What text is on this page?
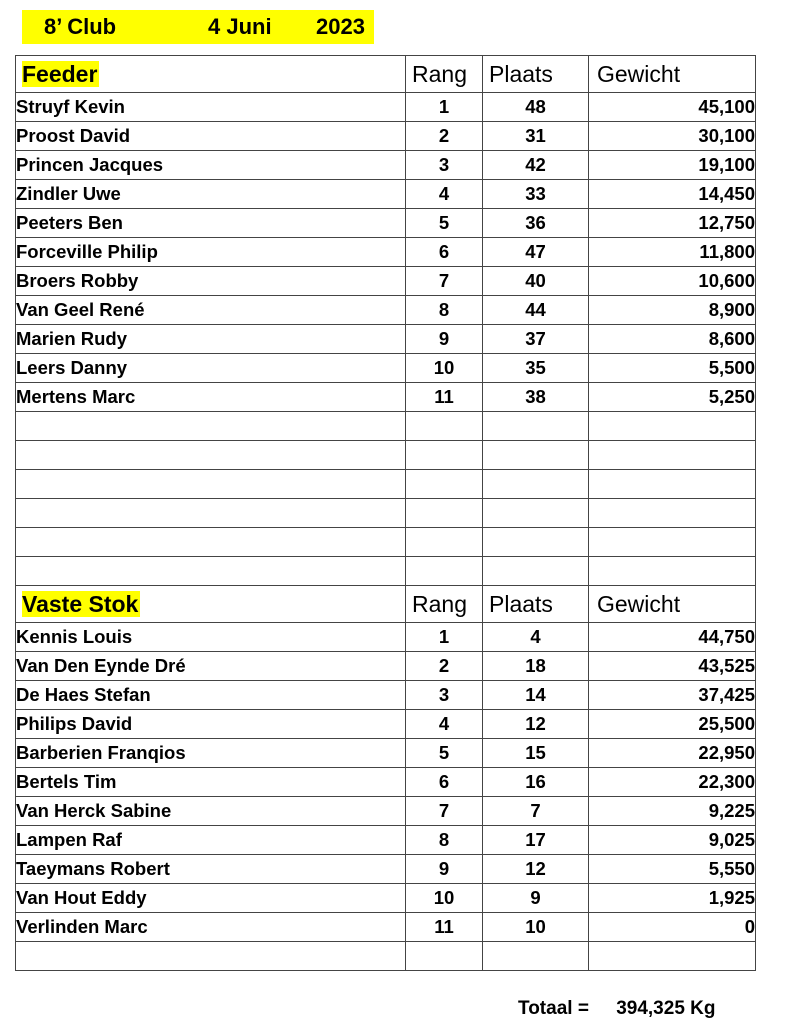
8’ Club	4 Juni 2023
Feeder	Rang	Plaats	Gewicht
Struyf Kevin	1	48	45,100
Proost David	2	31	30,100
Princen Jacques	3	42	19,100
Zindler Uwe	4	33	14,450
Peeters Ben	5	36	12,750
Forceville Philip	6	47	11,800
Broers Robby	7	40	10,600
Van Geel René	8	44	8,900
Marien Rudy	9	37	8,600
Leers Danny	10	35	5,500
Mertens Marc	11	38	5,250

Vaste Stok	Rang	Plaats	Gewicht
Kennis Louis	1	4	44,750
Van Den Eynde Dré	2	18	43,525
De Haes Stefan	3	14	37,425
Philips David	4	12	25,500
Barberien Franqios	5	15	22,950
Bertels Tim	6	16	22,300
Van Herck Sabine	7	7	9,225
Lampen Raf	8	17	9,025
Taeymans Robert	9	12	5,550
Van Hout Eddy	10	9	1,925
Verlinden Marc	11	10	0

Totaal = 394,325 Kg
